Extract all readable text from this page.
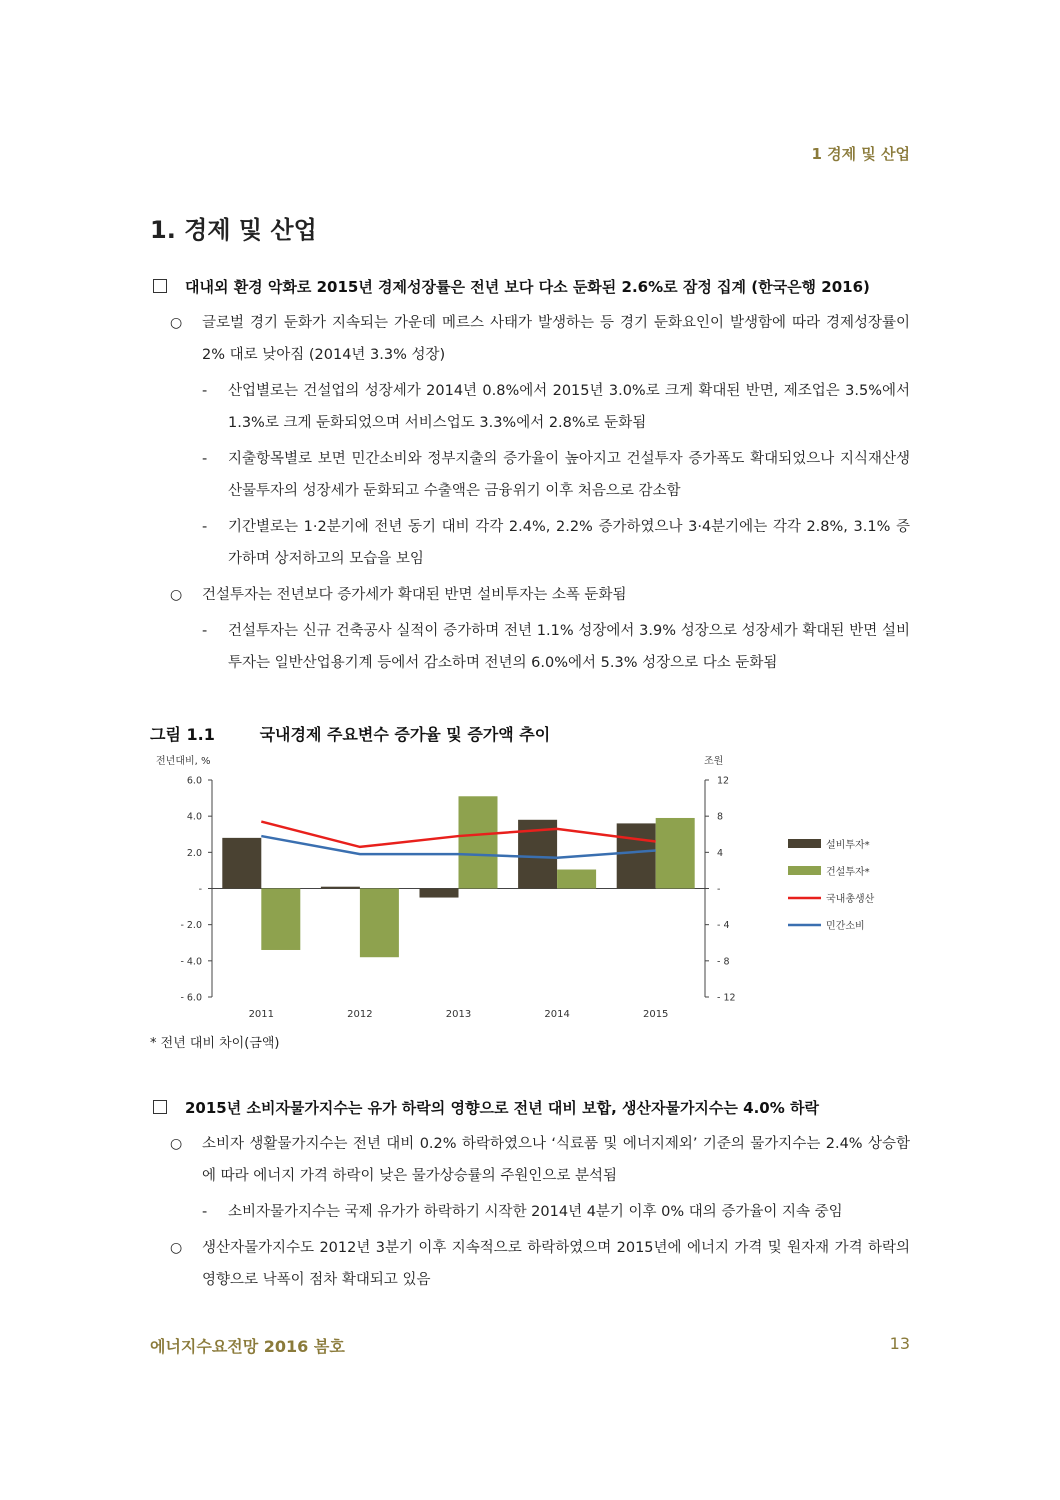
1 경제 및 산업
1. 경제 및 산업
대내외 환경 악화로 2015년 경제성장률은 전년 보다 다소 둔화된 2.6%로 잠정 집계 (한국은행 2016)
○	글로벌 경기 둔화가 지속되는 가운데 메르스 사태가 발생하는 등 경기 둔화요인이 발생함에 따라 경제성장률이 2% 대로 낮아짐 (2014년 3.3% 성장)
-	산업별로는 건설업의 성장세가 2014년 0.8%에서 2015년 3.0%로 크게 확대된 반면, 제조업은 3.5%에서 1.3%로 크게 둔화되었으며 서비스업도 3.3%에서 2.8%로 둔화됨
-	지출항목별로 보면 민간소비와 정부지출의 증가율이 높아지고 건설투자 증가폭도 확대되었으나 지식재산생산물투자의 성장세가 둔화되고 수출액은 금융위기 이후 처음으로 감소함
-	기간별로는 1·2분기에 전년 동기 대비 각각 2.4%, 2.2% 증가하였으나 3·4분기에는 각각 2.8%, 3.1% 증가하며 상저하고의 모습을 보임
○	건설투자는 전년보다 증가세가 확대된 반면 설비투자는 소폭 둔화됨
-	건설투자는 신규 건축공사 실적이 증가하며 전년 1.1% 성장에서 3.9% 성장으로 성장세가 확대된 반면 설비투자는 일반산업용기계 등에서 감소하며 전년의 6.0%에서 5.3% 성장으로 다소 둔화됨
그림 1.1	국내경제 주요변수 증가율 및 증가액 추이
전년대비, %	조원
6.0
4.0
2.0
-
- 2.0
- 4.0
- 6.0
12
8
4
-
- 4
- 8
- 12
2011	2012	2013	2014	2015
설비투자*
건설투자*
국내총생산
민간소비
* 전년 대비 차이(금액)
2015년 소비자물가지수는 유가 하락의 영향으로 전년 대비 보합, 생산자물가지수는 4.0% 하락
○	소비자 생활물가지수는 전년 대비 0.2% 하락하였으나 ‘식료품 및 에너지제외’ 기준의 물가지수는 2.4% 상승함에 따라 에너지 가격 하락이 낮은 물가상승률의 주원인으로 분석됨
-	소비자물가지수는 국제 유가가 하락하기 시작한 2014년 4분기 이후 0% 대의 증가율이 지속 중임
○	생산자물가지수도 2012년 3분기 이후 지속적으로 하락하였으며 2015년에 에너지 가격 및 원자재 가격 하락의 영향으로 낙폭이 점차 확대되고 있음
에너지수요전망 2016 봄호	13
